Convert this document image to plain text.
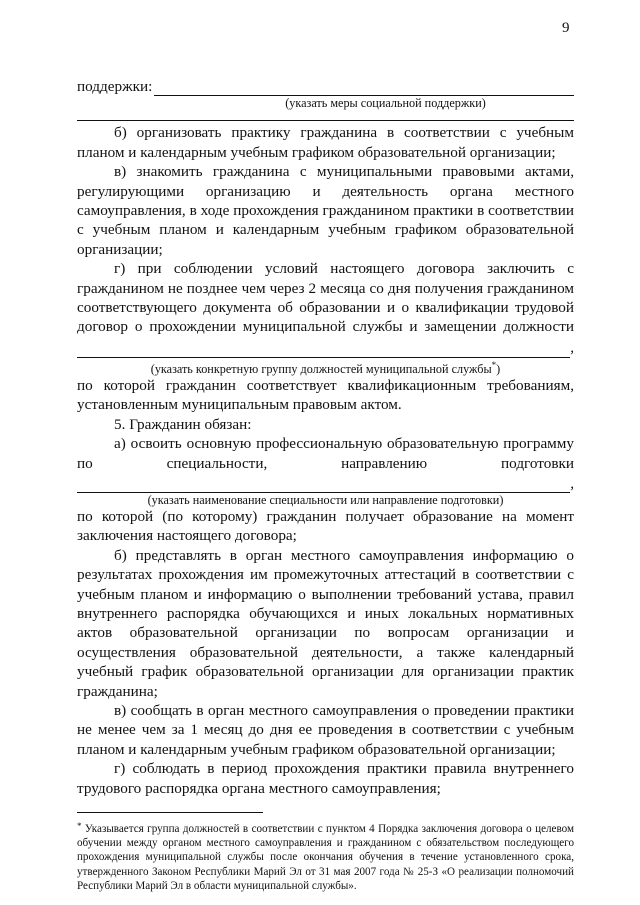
9
поддержки:
(указать меры социальной поддержки)
б) организовать практику гражданина в соответствии с учебным планом и календарным учебным графиком образовательной организации;
в) знакомить гражданина с муниципальными правовыми актами, регулирующими организацию и деятельность органа местного самоуправления, в ходе прохождения гражданином практики в соответствии с учебным планом и календарным учебным графиком образовательной организации;
г) при соблюдении условий настоящего договора заключить с гражданином не позднее чем через 2 месяца со дня получения гражданином соответствующего документа об образовании и о квалификации трудовой договор о прохождении муниципальной службы и замещении должности
,
(указать конкретную группу должностей муниципальной службы*)
по которой гражданин соответствует квалификационным требованиям, установленным муниципальным правовым актом.
5. Гражданин обязан:
а) освоить основную профессиональную образовательную программу по специальности, направлению подготовки
,
(указать наименование специальности или направление подготовки)
по которой (по которому) гражданин получает образование на момент заключения настоящего договора;
б) представлять в орган местного самоуправления информацию о результатах прохождения им промежуточных аттестаций в соответствии с учебным планом и информацию о выполнении требований устава, правил внутреннего распорядка обучающихся и иных локальных нормативных актов образовательной организации по вопросам организации и осуществления образовательной деятельности, а также календарный учебный график образовательной организации для организации практик гражданина;
в) сообщать в орган местного самоуправления о проведении практики не менее чем за 1 месяц до дня ее проведения в соответствии с учебным планом и календарным учебным графиком образовательной организации;
г) соблюдать в период прохождения практики правила внутреннего трудового распорядка органа местного самоуправления;
* Указывается группа должностей в соответствии с пунктом 4 Порядка заключения договора о целевом обучении между органом местного самоуправления и гражданином с обязательством последующего прохождения муниципальной службы после окончания обучения в течение установленного срока, утвержденного Законом Республики Марий Эл от 31 мая 2007 года № 25-З «О реализации полномочий Республики Марий Эл в области муниципальной службы».
